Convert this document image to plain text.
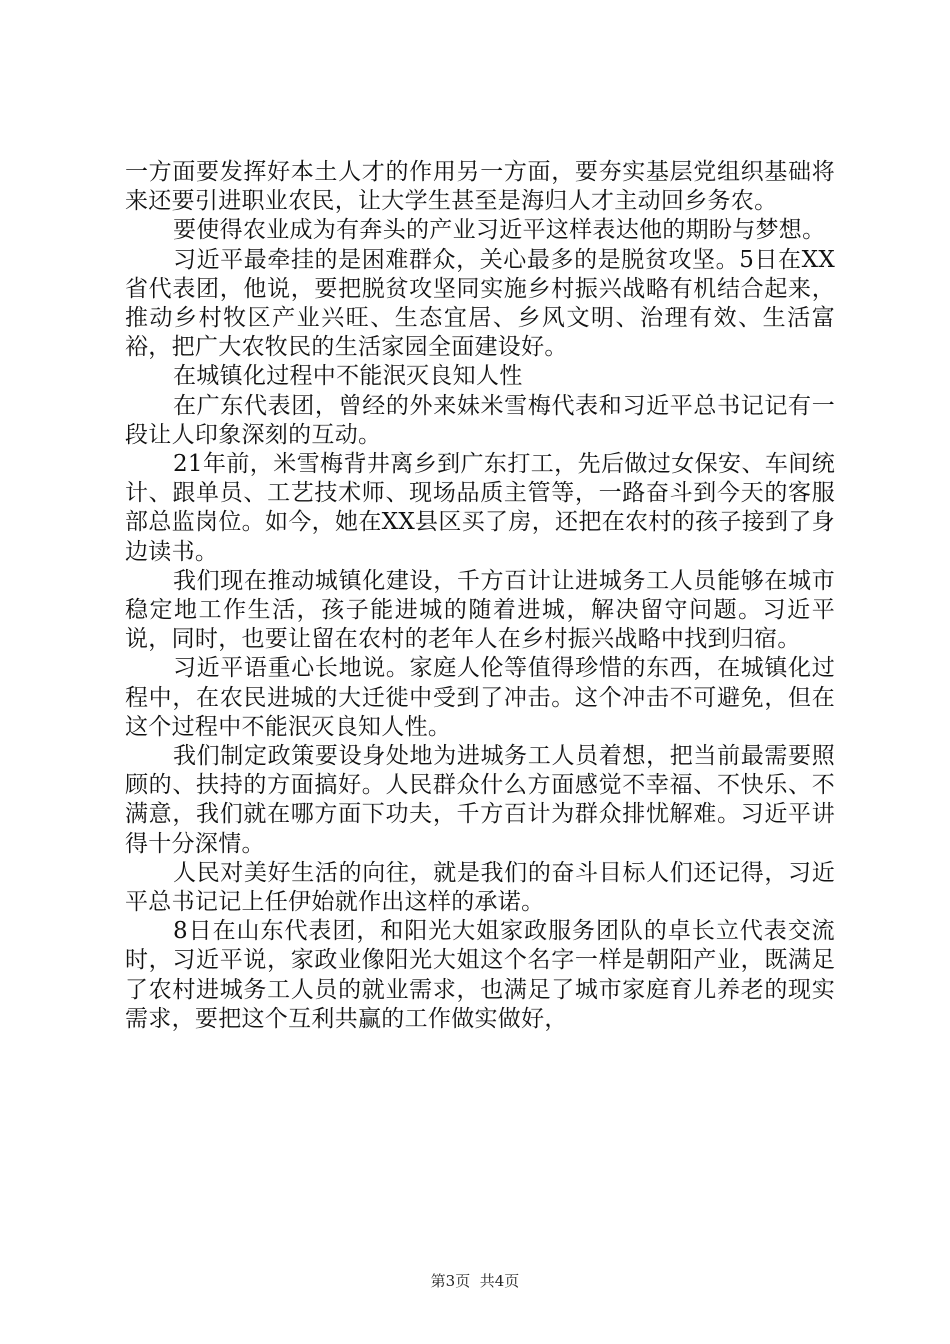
一方面要发挥好本土人才的作用另一方面，要夯实基层党组织基础将来还要引进职业农民，让大学生甚至是海归人才主动回乡务农。

要使得农业成为有奔头的产业习近平这样表达他的期盼与梦想。

习近平最牵挂的是困难群众，关心最多的是脱贫攻坚。5日在XX省代表团，他说，要把脱贫攻坚同实施乡村振兴战略有机结合起来，推动乡村牧区产业兴旺、生态宜居、乡风文明、治理有效、生活富裕，把广大农牧民的生活家园全面建设好。

在城镇化过程中不能泯灭良知人性

在广东代表团，曾经的外来妹米雪梅代表和习近平总书记记有一段让人印象深刻的互动。

21年前，米雪梅背井离乡到广东打工，先后做过女保安、车间统计、跟单员、工艺技术师、现场品质主管等，一路奋斗到今天的客服部总监岗位。如今，她在XX县区买了房，还把在农村的孩子接到了身边读书。

我们现在推动城镇化建设，千方百计让进城务工人员能够在城市稳定地工作生活，孩子能进城的随着进城，解决留守问题。习近平说，同时，也要让留在农村的老年人在乡村振兴战略中找到归宿。

习近平语重心长地说。家庭人伦等值得珍惜的东西，在城镇化过程中，在农民进城的大迁徙中受到了冲击。这个冲击不可避免，但在这个过程中不能泯灭良知人性。

我们制定政策要设身处地为进城务工人员着想，把当前最需要照顾的、扶持的方面搞好。人民群众什么方面感觉不幸福、不快乐、不满意，我们就在哪方面下功夫，千方百计为群众排忧解难。习近平讲得十分深情。

人民对美好生活的向往，就是我们的奋斗目标人们还记得，习近平总书记记上任伊始就作出这样的承诺。

8日在山东代表团，和阳光大姐家政服务团队的卓长立代表交流时，习近平说，家政业像阳光大姐这个名字一样是朝阳产业，既满足了农村进城务工人员的就业需求，也满足了城市家庭育儿养老的现实需求，要把这个互利共赢的工作做实做好，

第3页 共4页
